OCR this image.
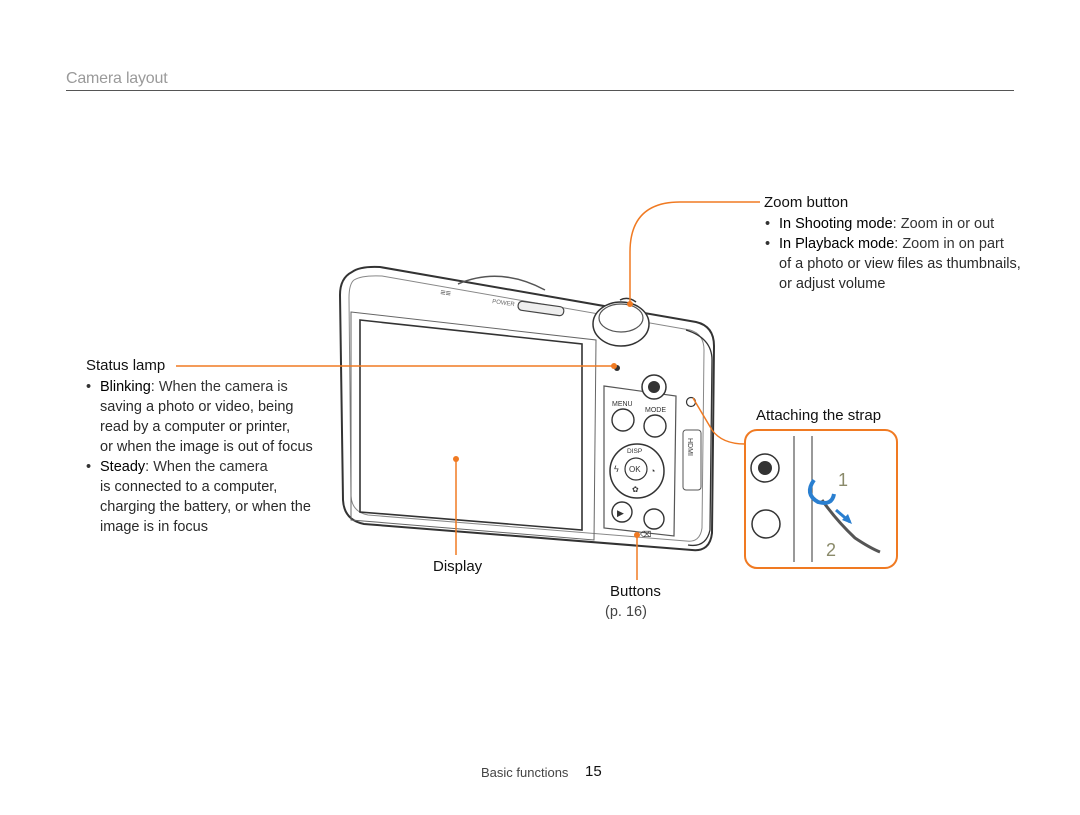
Camera layout
POWER
≡≡
MENU
MODE
DISP
OK
ϟ	◔
✿
▶
⌫
HDMI
1
2
Zoom button
• In Shooting mode: Zoom in or out
• In Playback mode: Zoom in on part
of a photo or view files as thumbnails,
or adjust volume
Status lamp
• Blinking: When the camera is
saving a photo or video, being
read by a computer or printer,
or when the image is out of focus
• Steady: When the camera
is connected to a computer,
charging the battery, or when the
image is in focus
Attaching the strap
Display
Buttons
(p. 16)
Basic functions 15
